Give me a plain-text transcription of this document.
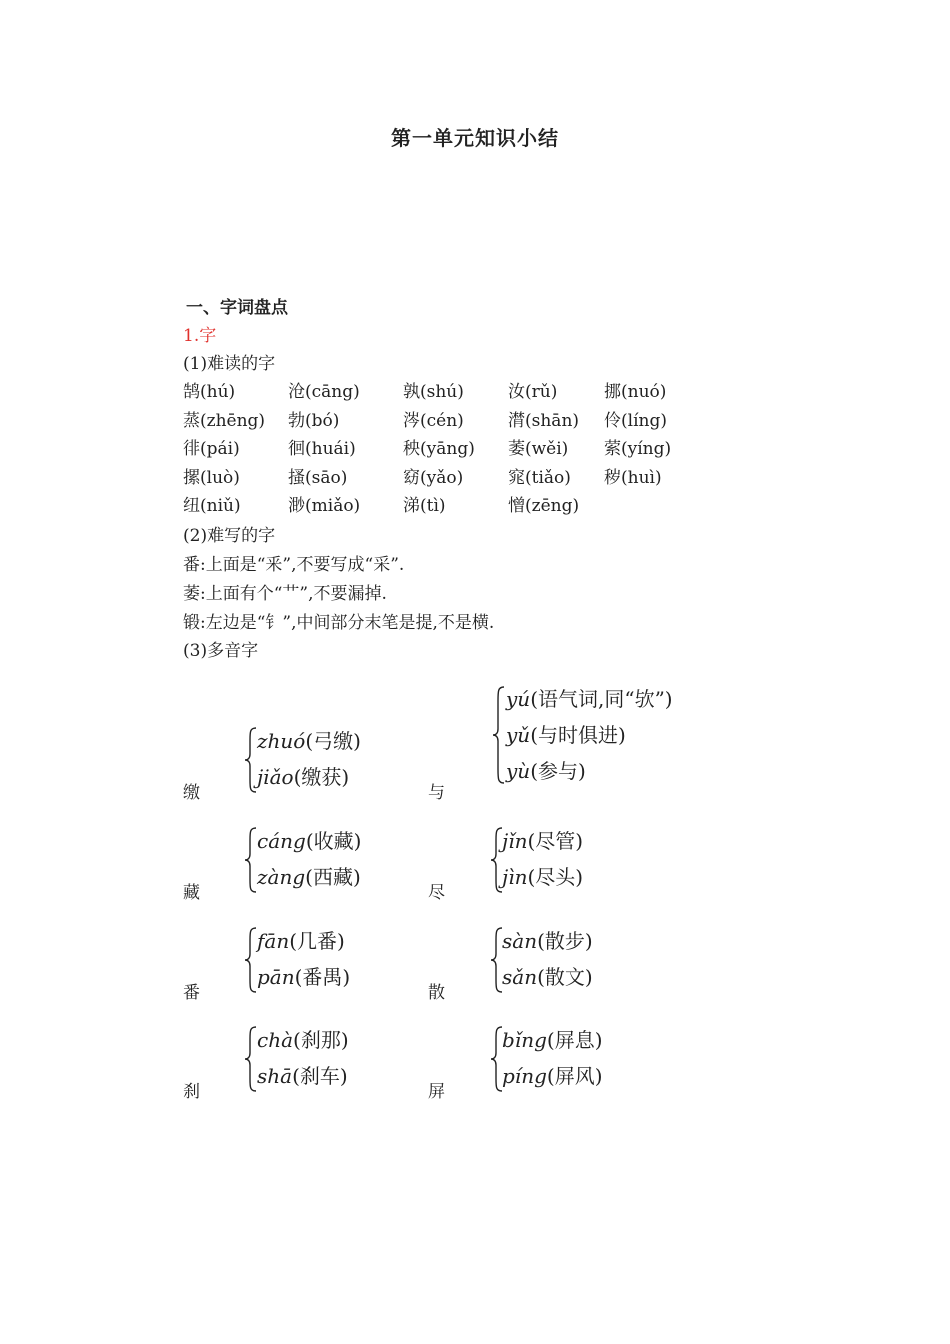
第一单元知识小结
一、字词盘点
1.字
(1)难读的字
鹄(hú)	沧(cāng)	孰(shú)	汝(rǔ)	挪(nuó)
蒸(zhēng) 勃(bó)	涔(cén)	潸(shān) 伶(líng)
徘(pái)	徊(huái)	秧(yāng) 萎(wěi) 萦(yíng)
摞(luò)	搔(sāo)	窈(yǎo)	窕(tiǎo) 秽(huì)
纽(niǔ)	渺(miǎo)	涕(tì)	憎(zēng)
(2)难写的字
番:上面是“釆”,不要写成“采”.
萎:上面有个“艹”,不要漏掉.
锻:左边是“钅”,中间部分末笔是提,不是横.
(3)多音字
缴
zhuó(弓缴)
jiǎo(缴获)
与
yú(语气词,同“欤”)
yǔ(与时俱进)
yù(参与)
藏
cáng(收藏)
zàng(西藏)
尽
jǐn(尽管)
jìn(尽头)
番
fān(几番)
pān(番禺)
散
sàn(散步)
sǎn(散文)
刹
chà(刹那)
shā(刹车)
屏
bǐng(屏息)
píng(屏风)
